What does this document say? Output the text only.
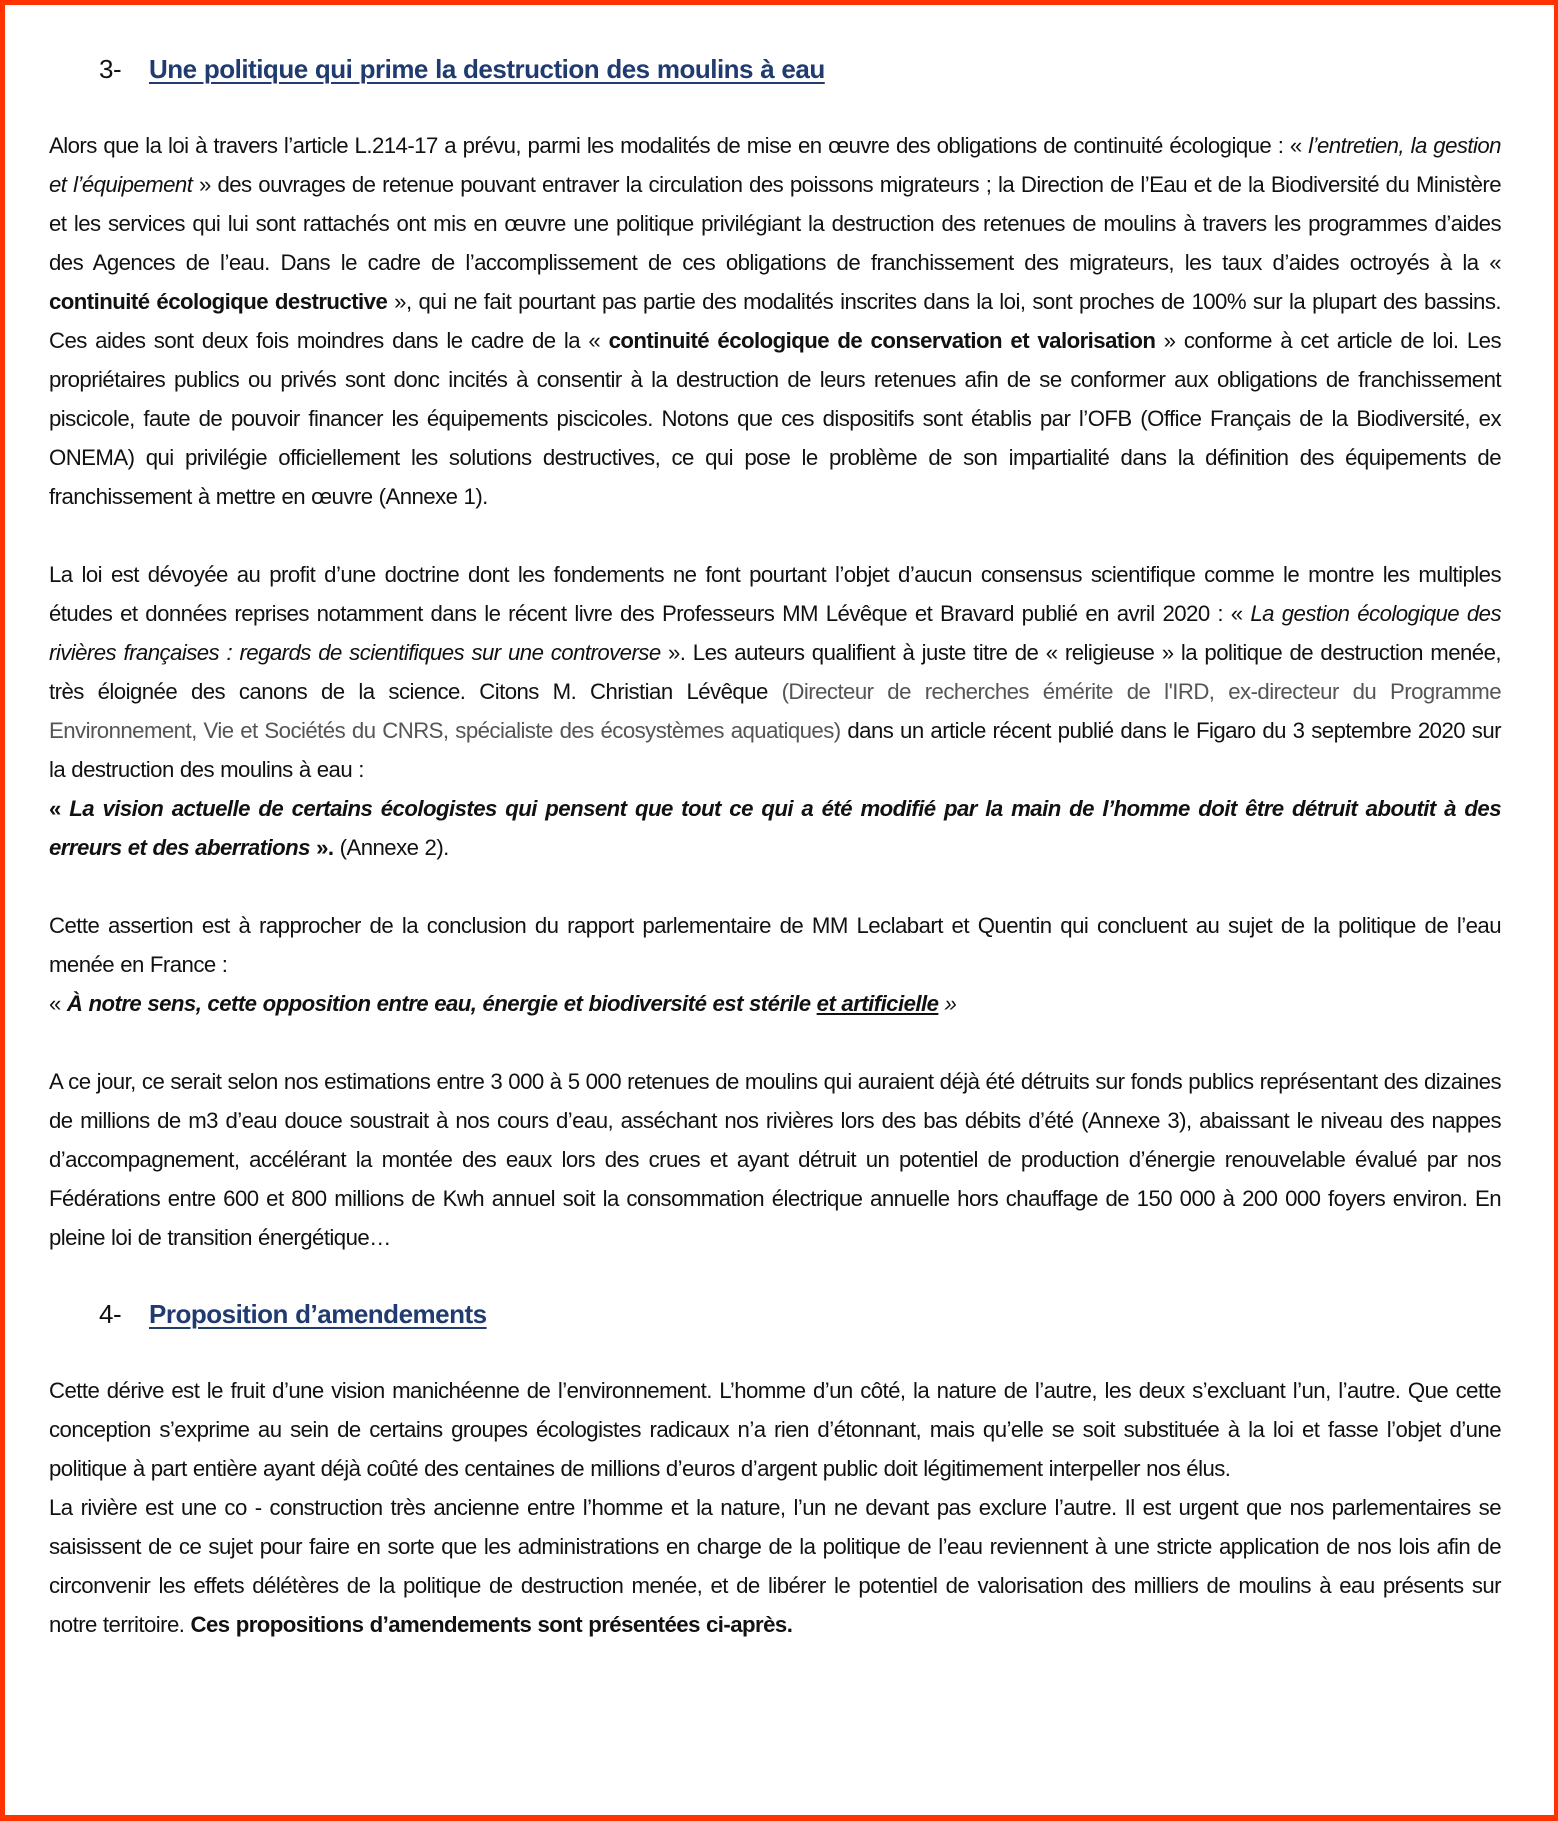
3-	Une politique qui prime la destruction des moulins à eau

Alors que la loi à travers l’article L.214-17 a prévu, parmi les modalités de mise en œuvre des obligations de continuité écologique : « l’entretien, la gestion et l’équipement » des ouvrages de retenue pouvant entraver la circulation des poissons migrateurs ; la Direction de l’Eau et de la Biodiversité du Ministère et les services qui lui sont rattachés ont mis en œuvre une politique privilégiant la destruction des retenues de moulins à travers les programmes d’aides des Agences de l’eau. Dans le cadre de l’accomplissement de ces obligations de franchissement des migrateurs, les taux d’aides octroyés à la « continuité écologique destructive », qui ne fait pourtant pas partie des modalités inscrites dans la loi, sont proches de 100% sur la plupart des bassins. Ces aides sont deux fois moindres dans le cadre de la « continuité écologique de conservation et valorisation » conforme à cet article de loi. Les propriétaires publics ou privés sont donc incités à consentir à la destruction de leurs retenues afin de se conformer aux obligations de franchissement piscicole, faute de pouvoir financer les équipements piscicoles. Notons que ces dispositifs sont établis par l’OFB (Office Français de la Biodiversité, ex ONEMA) qui privilégie officiellement les solutions destructives, ce qui pose le problème de son impartialité dans la définition des équipements de franchissement à mettre en œuvre (Annexe 1).

La loi est dévoyée au profit d’une doctrine dont les fondements ne font pourtant l’objet d’aucun consensus scientifique comme le montre les multiples études et données reprises notamment dans le récent livre des Professeurs MM Lévêque et Bravard publié en avril 2020 : « La gestion écologique des rivières françaises : regards de scientifiques sur une controverse ». Les auteurs qualifient à juste titre de « religieuse » la politique de destruction menée, très éloignée des canons de la science. Citons M. Christian Lévêque (Directeur de recherches émérite de l'IRD, ex-directeur du Programme Environnement, Vie et Sociétés du CNRS, spécialiste des écosystèmes aquatiques) dans un article récent publié dans le Figaro du 3 septembre 2020 sur la destruction des moulins à eau :
« La vision actuelle de certains écologistes qui pensent que tout ce qui a été modifié par la main de l’homme doit être détruit aboutit à des erreurs et des aberrations ». (Annexe 2).

Cette assertion est à rapprocher de la conclusion du rapport parlementaire de MM Leclabart et Quentin qui concluent au sujet de la politique de l’eau menée en France :
« À notre sens, cette opposition entre eau, énergie et biodiversité est stérile et artificielle »

A ce jour, ce serait selon nos estimations entre 3 000 à 5 000 retenues de moulins qui auraient déjà été détruits sur fonds publics représentant des dizaines de millions de m3 d’eau douce soustrait à nos cours d’eau, asséchant nos rivières lors des bas débits d’été (Annexe 3), abaissant le niveau des nappes d’accompagnement, accélérant la montée des eaux lors des crues et ayant détruit un potentiel de production d’énergie renouvelable évalué par nos Fédérations entre 600 et 800 millions de Kwh annuel soit la consommation électrique annuelle hors chauffage de 150 000 à 200 000 foyers environ. En pleine loi de transition énergétique…

4-	Proposition d’amendements

Cette dérive est le fruit d’une vision manichéenne de l’environnement. L’homme d’un côté, la nature de l’autre, les deux s’excluant l’un, l’autre. Que cette conception s’exprime au sein de certains groupes écologistes radicaux n’a rien d’étonnant, mais qu’elle se soit substituée à la loi et fasse l’objet d’une politique à part entière ayant déjà coûté des centaines de millions d’euros d’argent public doit légitimement interpeller nos élus.

La rivière est une co - construction très ancienne entre l’homme et la nature, l’un ne devant pas exclure l’autre. Il est urgent que nos parlementaires se saisissent de ce sujet pour faire en sorte que les administrations en charge de la politique de l’eau reviennent à une stricte application de nos lois afin de circonvenir les effets délétères de la politique de destruction menée, et de libérer le potentiel de valorisation des milliers de moulins à eau présents sur notre territoire. Ces propositions d’amendements sont présentées ci-après.
